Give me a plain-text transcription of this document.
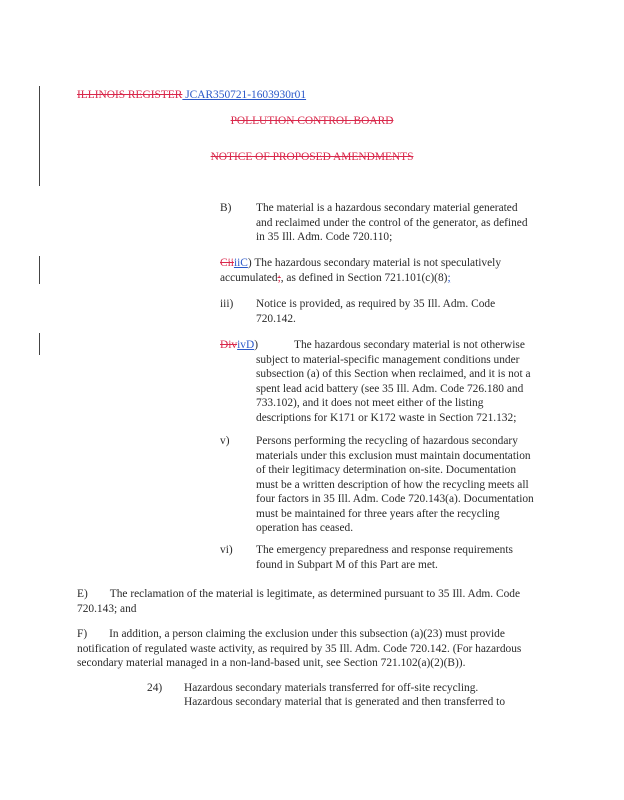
ILLINOIS REGISTER JCAR350721-1603930r01
POLLUTION CONTROL BOARD
NOTICE OF PROPOSED AMENDMENTS
B) The material is a hazardous secondary material generated and reclaimed under the control of the generator, as defined in 35 Ill. Adm. Code 720.110;
CiiiiC) The hazardous secondary material is not speculatively accumulated;, as defined in Section 721.101(c)(8);
iii) Notice is provided, as required by 35 Ill. Adm. Code 720.142.
DivivD)	The hazardous secondary material is not otherwise subject to material-specific management conditions under subsection (a) of this Section when reclaimed, and it is not a spent lead acid battery (see 35 Ill. Adm. Code 726.180 and 733.102), and it does not meet either of the listing descriptions for K171 or K172 waste in Section 721.132;
v) Persons performing the recycling of hazardous secondary materials under this exclusion must maintain documentation of their legitimacy determination on-site. Documentation must be a written description of how the recycling meets all four factors in 35 Ill. Adm. Code 720.143(a). Documentation must be maintained for three years after the recycling operation has ceased.
vi) The emergency preparedness and response requirements found in Subpart M of this Part are met.
E) The reclamation of the material is legitimate, as determined pursuant to 35 Ill. Adm. Code 720.143; and
F) In addition, a person claiming the exclusion under this subsection (a)(23) must provide notification of regulated waste activity, as required by 35 Ill. Adm. Code 720.142. (For hazardous secondary material managed in a non-land-based unit, see Section 721.102(a)(2)(B)).
24) Hazardous secondary materials transferred for off-site recycling.
Hazardous secondary material that is generated and then transferred to
